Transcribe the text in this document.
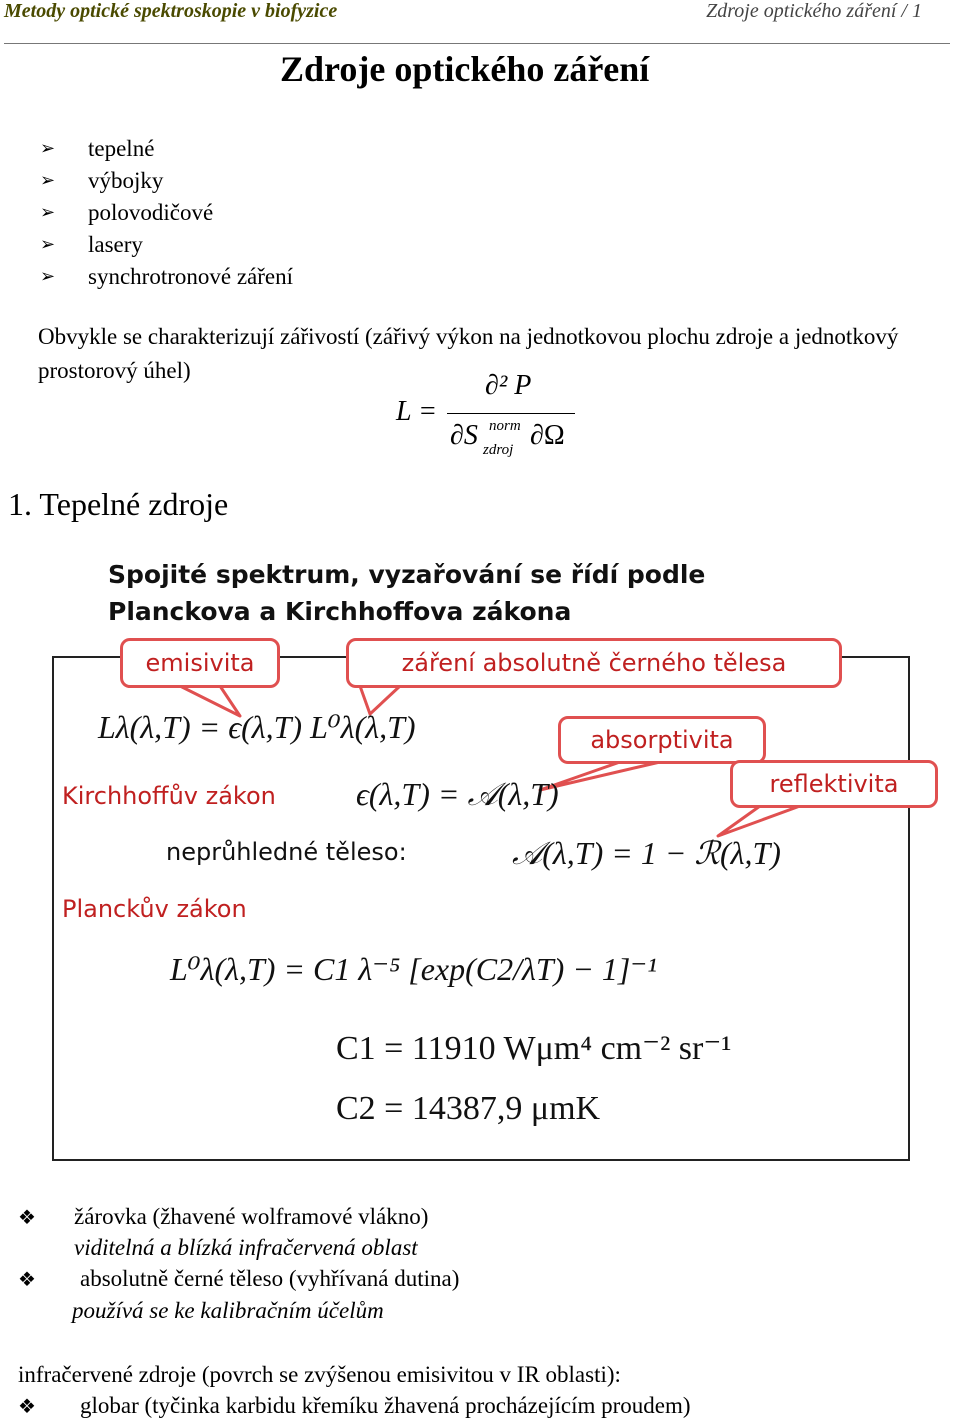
Metody optické spektroskopie v biofyzice	Zdroje optického záření / 1
Zdroje optického záření
➢	tepelné
➢	výbojky
➢	polovodičové
➢	lasery
➢	synchrotronové záření
Obvykle se charakterizují zářivostí (zářivý výkon na jednotkovou plochu zdroje a jednotkový prostorový úhel)
L =
∂² P
∂S norm
zdroj ∂Ω
1. Tepelné zdroje
Spojité spektrum, vyzařování se řídí podle
Planckova a Kirchhoffova zákona
emisivita	záření absolutně černého tělesa
absorptivita
reflektivita
Lλ(λ,T) = ϵ(λ,T) L⁰λ(λ,T)
Kirchhoffův zákon	ϵ(λ,T) = 𝒜(λ,T)
neprůhledné těleso:	𝒜(λ,T) = 1 − ℛ(λ,T)
Planckův zákon
L⁰λ(λ,T) = C1 λ⁻⁵ [exp(C2/λT) − 1]⁻¹
C1 = 11910 Wμm⁴ cm⁻² sr⁻¹
C2 = 14387,9 μmK
❖ žárovka (žhavené wolframové vlákno)
viditelná a blízká infračervená oblast
❖ absolutně černé těleso (vyhřívaná dutina)
používá se ke kalibračním účelům
infračervené zdroje (povrch se zvýšenou emisivitou v IR oblasti):
❖ globar (tyčinka karbidu křemíku žhavená procházejícím proudem)
